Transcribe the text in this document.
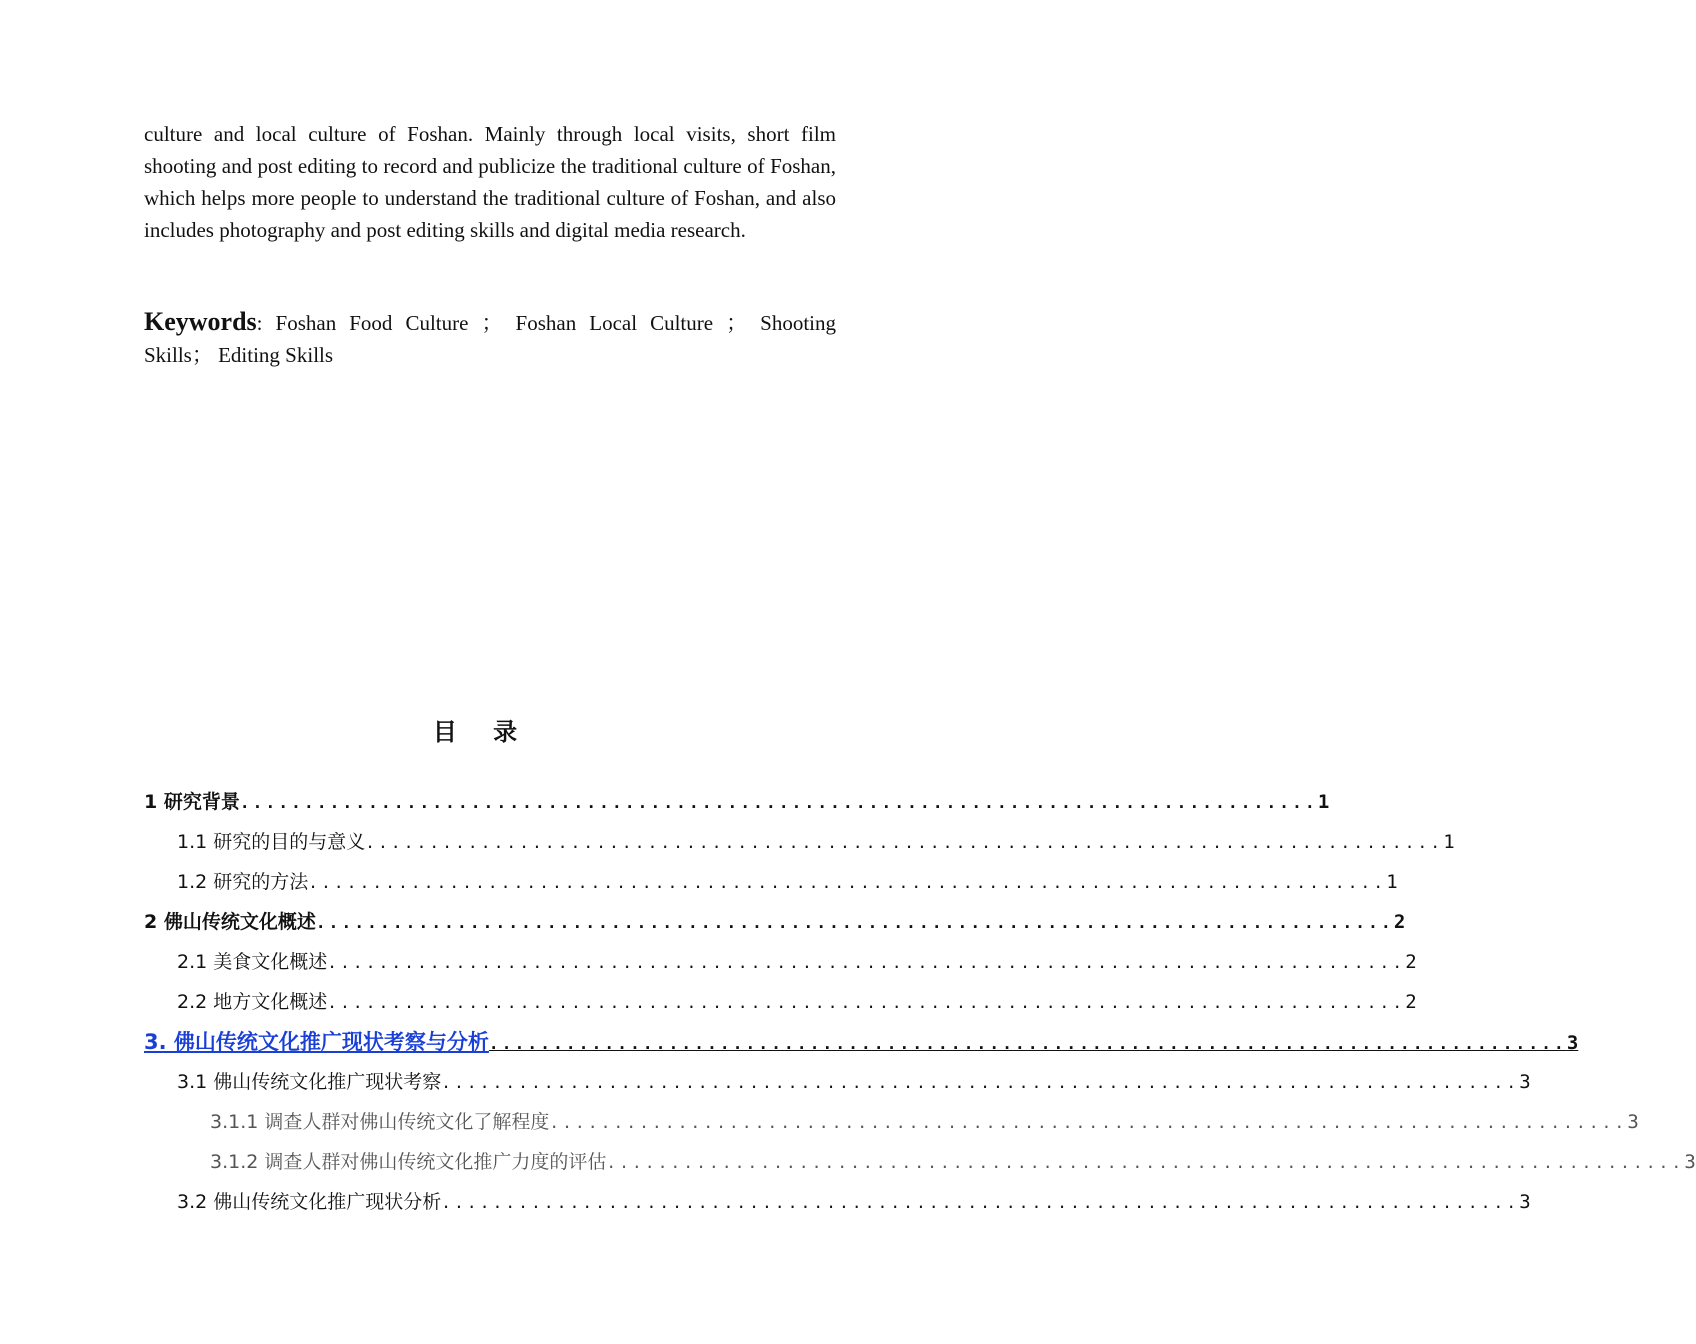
culture and local culture of Foshan. Mainly through local visits, short film shooting and post editing to record and publicize the traditional culture of Foshan, which helps more people to understand the traditional culture of Foshan, and also includes photography and post editing skills and digital media research.

Keywords: Foshan Food Culture ； Foshan Local Culture ； Shooting Skills； Editing Skills

目 录
1 研究背景 .................................................................................... 1
1.1 研究的目的与意义 .................................................................................... 1
1.2 研究的方法 .................................................................................... 1
2 佛山传统文化概述 .................................................................................... 2
2.1 美食文化概述 .................................................................................... 2
2.2 地方文化概述 .................................................................................... 2
3. 佛山传统文化推广现状考察与分析 .................................................................................... 3
3.1 佛山传统文化推广现状考察 .................................................................................... 3
3.1.1 调查人群对佛山传统文化了解程度 .................................................................................... 3
3.1.2 调查人群对佛山传统文化推广力度的评估 .................................................................................... 3
3.2 佛山传统文化推广现状分析 .................................................................................... 3
